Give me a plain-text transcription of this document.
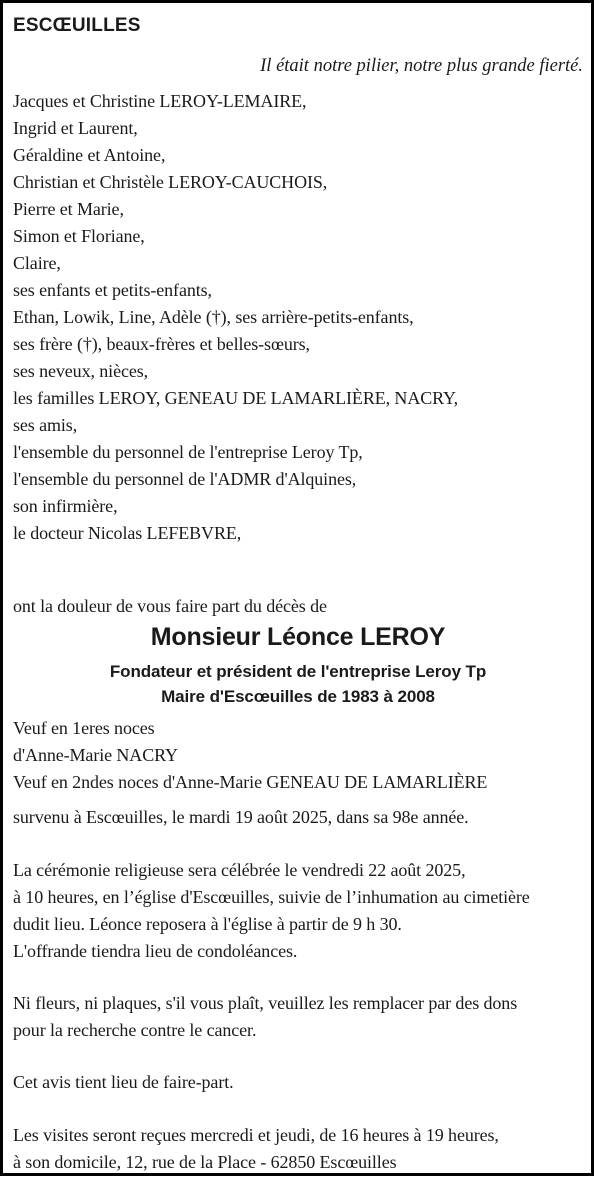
ESCŒUILLES
Il était notre pilier, notre plus grande fierté.
Jacques et Christine LEROY-LEMAIRE,
Ingrid et Laurent,
Géraldine et Antoine,
Christian et Christèle LEROY-CAUCHOIS,
Pierre et Marie,
Simon et Floriane,
Claire,
ses enfants et petits-enfants,
Ethan, Lowik, Line, Adèle (†), ses arrière-petits-enfants,
ses frère (†), beaux-frères et belles-sœurs,
ses neveux, nièces,
les familles LEROY, GENEAU DE LAMARLIÈRE, NACRY,
ses amis,
l'ensemble du personnel de l'entreprise Leroy Tp,
l'ensemble du personnel de l'ADMR d'Alquines,
son infirmière,
le docteur Nicolas LEFEBVRE,
ont la douleur de vous faire part du décès de
Monsieur Léonce LEROY
Fondateur et président de l'entreprise Leroy Tp
Maire d'Escœuilles de 1983 à 2008
Veuf en 1eres noces
d'Anne-Marie NACRY
Veuf en 2ndes noces d'Anne-Marie GENEAU DE LAMARLIÈRE
survenu à Escœuilles, le mardi 19 août 2025, dans sa 98e année.
La cérémonie religieuse sera célébrée le vendredi 22 août 2025,
à 10 heures, en l’église d'Escœuilles, suivie de l’inhumation au cimetière
dudit lieu. Léonce reposera à l'église à partir de 9 h 30.
L'offrande tiendra lieu de condoléances.
Ni fleurs, ni plaques, s'il vous plaît, veuillez les remplacer par des dons
pour la recherche contre le cancer.
Cet avis tient lieu de faire-part.
Les visites seront reçues mercredi et jeudi, de 16 heures à 19 heures,
à son domicile, 12, rue de la Place - 62850 Escœuilles
